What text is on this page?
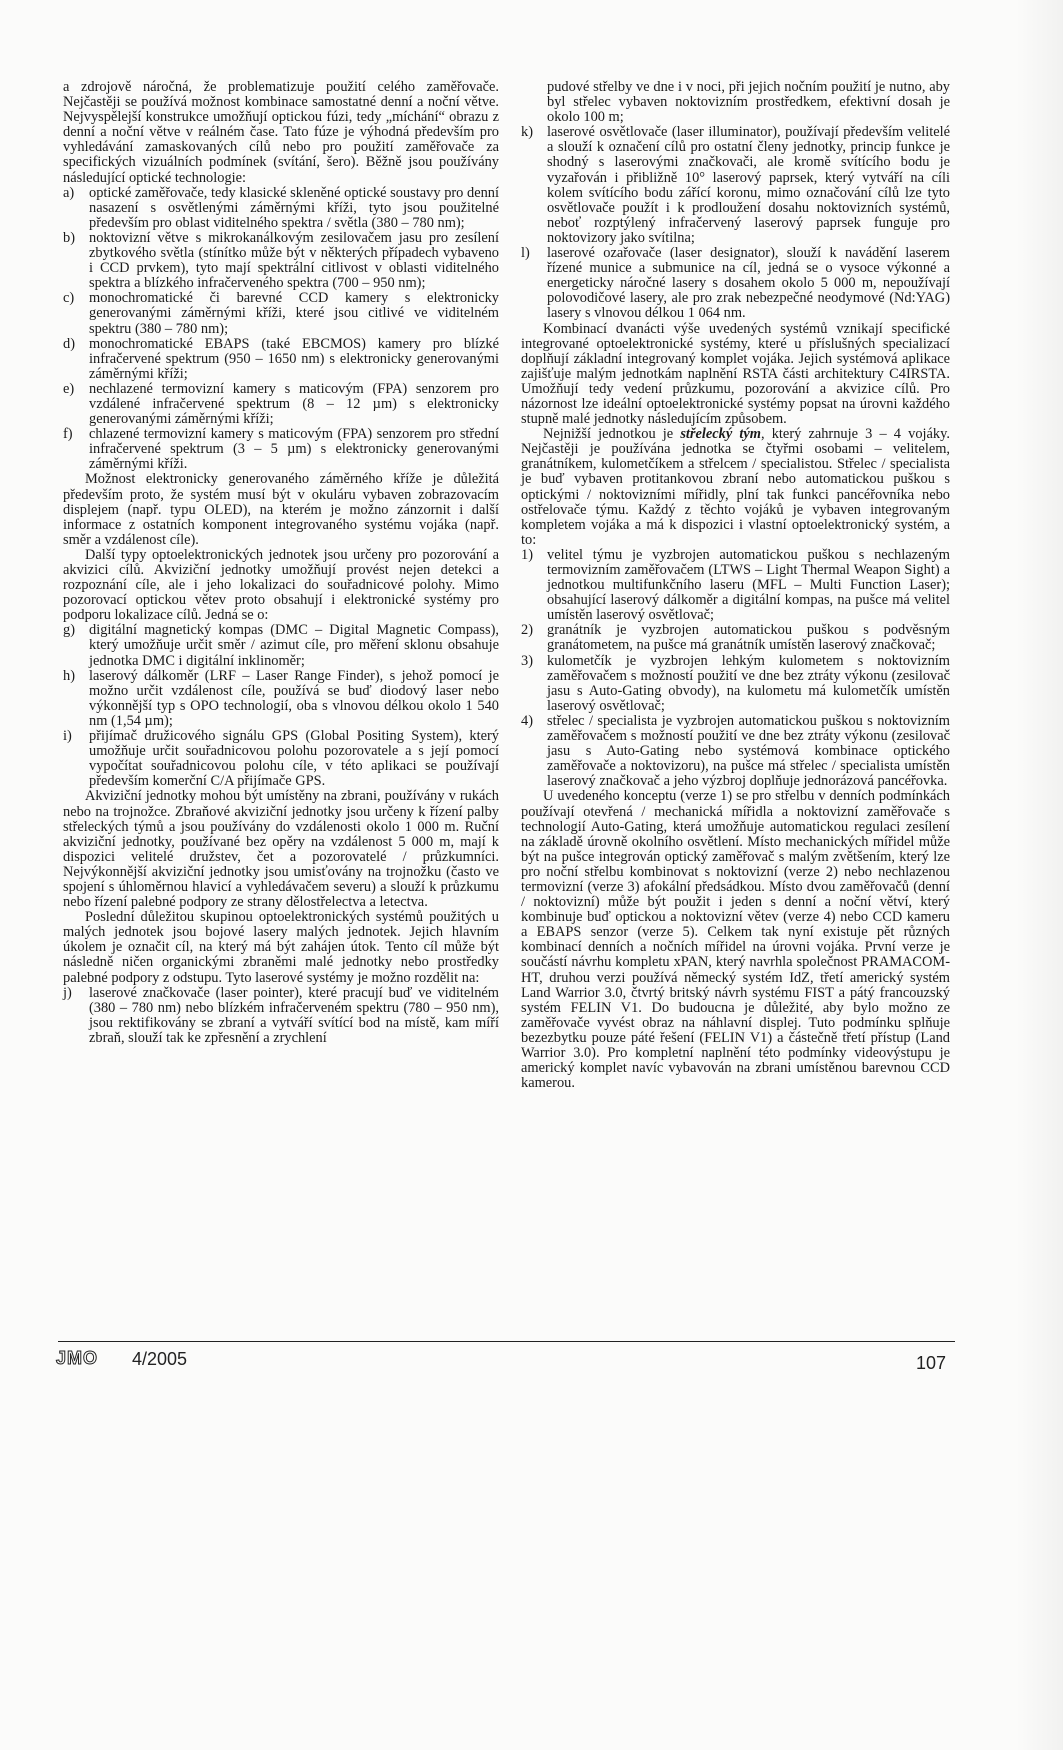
a zdrojově náročná, že problematizuje použití celého zaměřovače. Nejčastěji se používá možnost kombinace samostatné denní a noční větve. Nejvyspělejší konstrukce umožňují optickou fúzi, tedy „míchání“ obrazu z denní a noční větve v reálném čase. Tato fúze je výhodná především pro vyhledávání zamaskovaných cílů nebo pro použití zaměřovače za specifických vizuálních podmínek (svítání, šero). Běžně jsou používány následující optické technologie:

a)	optické zaměřovače, tedy klasické skleněné optické soustavy pro denní nasazení s osvětlenými záměrnými kříži, tyto jsou použitelné především pro oblast viditelného spektra / světla (380 – 780 nm);
b) noktovizní větve s mikrokanálkovým zesilovačem jasu pro zesílení zbytkového světla (stínítko může být v některých případech vybaveno i CCD prvkem), tyto mají spektrální citlivost v oblasti viditelného spektra a blízkého infračerveného spektra (700 – 950 nm);
c)	monochromatické či barevné CCD kamery s elektronicky generovanými záměrnými kříži, které jsou citlivé ve viditelném spektru (380 – 780 nm);
d) monochromatické EBAPS (také EBCMOS) kamery pro blízké infračervené spektrum (950 – 1650 nm) s elektronicky generovanými záměrnými kříži;
e)	nechlazené termovizní kamery s maticovým (FPA) senzorem pro vzdálené infračervené spektrum (8 – 12 µm) s elektronicky generovanými záměrnými kříži;
f)	chlazené termovizní kamery s maticovým (FPA) senzorem pro střední infračervené spektrum (3 – 5 µm) s elektronicky generovanými záměrnými kříži.

Možnost elektronicky generovaného záměrného kříže je důležitá především proto, že systém musí být v okuláru vybaven zobrazovacím displejem (např. typu OLED), na kterém je možno zánzornit i další informace z ostatních komponent integrovaného systému vojáka (např. směr a vzdálenost cíle).

Další typy optoelektronických jednotek jsou určeny pro pozorování a akvizici cílů. Akviziční jednotky umožňují provést nejen detekci a rozpoznání cíle, ale i jeho lokalizaci do souřadnicové polohy. Mimo pozorovací optickou větev proto obsahují i elektronické systémy pro podporu lokalizace cílů. Jedná se o:

g) digitální magnetický kompas (DMC – Digital Magnetic Compass), který umožňuje určit směr / azimut cíle, pro měření sklonu obsahuje jednotka DMC i digitální inklinoměr;
h) laserový dálkoměr (LRF – Laser Range Finder), s jehož pomocí je možno určit vzdálenost cíle, používá se buď diodový laser nebo výkonnější typ s OPO technologií, oba s vlnovou délkou okolo 1 540 nm (1,54 µm);
i)	přijímač družicového signálu GPS (Global Positing System), který umožňuje určit souřadnicovou polohu pozorovatele a s její pomocí vypočítat souřadnicovou polohu cíle, v této aplikaci se používají především komerční C/A přijímače GPS.

Akviziční jednotky mohou být umístěny na zbrani, používány v rukách nebo na trojnožce. Zbraňové akviziční jednotky jsou určeny k řízení palby střeleckých týmů a jsou používány do vzdálenosti okolo 1 000 m. Ruční akviziční jednotky, používané bez opěry na vzdálenost 5 000 m, mají k dispozici velitelé družstev, čet a pozorovatelé / průzkumníci. Nejvýkonnější akviziční jednotky jsou umisťovány na trojnožku (často ve spojení s úhloměrnou hlavicí a vyhledávačem severu) a slouží k průzkumu nebo řízení palebné podpory ze strany dělostřelectva a letectva.

Poslední důležitou skupinou optoelektronických systémů použitých u malých jednotek jsou bojové lasery malých jednotek. Jejich hlavním úkolem je označit cíl, na který má být zahájen útok. Tento cíl může být následně ničen organickými zbraněmi malé jednotky nebo prostředky palebné podpory z odstupu. Tyto laserové systémy je možno rozdělit na:

j)	laserové značkovače (laser pointer), které pracují buď ve viditelném (380 – 780 nm) nebo blízkém infračerveném spektru (780 – 950 nm), jsou rektifikovány se zbraní a vytváří svítící bod na místě, kam míří zbraň, slouží tak ke zpřesnění a zrychlení

pudové střelby ve dne i v noci, při jejich nočním použití je nutno, aby byl střelec vybaven noktovizním prostředkem, efektivní dosah je okolo 100 m;

k) laserové osvětlovače (laser illuminator), používají především velitelé a slouží k označení cílů pro ostatní členy jednotky, princip funkce je shodný s laserovými značkovači, ale kromě svítícího bodu je vyzařován i přibližně 10° laserový paprsek, který vytváří na cíli kolem svítícího bodu zářící koronu, mimo označování cílů lze tyto osvětlovače použít i k prodloužení dosahu noktovizních systémů, neboť rozptýlený infračervený laserový paprsek funguje pro noktovizory jako svítilna;
l)	laserové ozařovače (laser designator), slouží k navádění laserem řízené munice a submunice na cíl, jedná se o vysoce výkonné a energeticky náročné lasery s dosahem okolo 5 000 m, nepoužívají polovodičové lasery, ale pro zrak nebezpečné neodymové (Nd:YAG) lasery s vlnovou délkou 1 064 nm.

Kombinací dvanácti výše uvedených systémů vznikají specifické integrované optoelektronické systémy, které u příslušných specializací doplňují základní integrovaný komplet vojáka. Jejich systémová aplikace zajišťuje malým jednotkám naplnění RSTA části architektury C4IRSTA. Umožňují tedy vedení průzkumu, pozorování a akvizice cílů. Pro názornost lze ideální optoelektronické systémy popsat na úrovni každého stupně malé jednotky následujícím způsobem.

Nejnižší jednotkou je střelecký tým, který zahrnuje 3 – 4 vojáky. Nejčastěji je používána jednotka se čtyřmi osobami – velitelem, granátníkem, kulometčíkem a střelcem / specialistou. Střelec / specialista je buď vybaven protitankovou zbraní nebo automatickou puškou s optickými / noktovizními mířidly, plní tak funkci pancéřovníka nebo ostřelovače týmu. Každý z těchto vojáků je vybaven integrovaným kompletem vojáka a má k dispozici i vlastní optoelektronický systém, a to:

1) velitel týmu je vyzbrojen automatickou puškou s nechlazeným termovizním zaměřovačem (LTWS – Light Thermal Weapon Sight) a jednotkou multifunkčního laseru (MFL – Multi Function Laser); obsahující laserový dálkoměr a digitální kompas, na pušce má velitel umístěn laserový osvětlovač;
2) granátník je vyzbrojen automatickou puškou s podvěsným granátometem, na pušce má granátník umístěn laserový značkovač;
3) kulometčík je vyzbrojen lehkým kulometem s noktovizním zaměřovačem s možností použití ve dne bez ztráty výkonu (zesilovač jasu s Auto-Gating obvody), na kulometu má kulometčík umístěn laserový osvětlovač;
4) střelec / specialista je vyzbrojen automatickou puškou s noktovizním zaměřovačem s možností použití ve dne bez ztráty výkonu (zesilovač jasu s Auto-Gating nebo systémová kombinace optického zaměřovače a noktovizoru), na pušce má střelec / specialista umístěn laserový značkovač a jeho výzbroj doplňuje jednorázová pancéřovka.

U uvedeného konceptu (verze 1) se pro střelbu v denních podmínkách používají otevřená / mechanická mířidla a noktovizní zaměřovače s technologií Auto-Gating, která umožňuje automatickou regulaci zesílení na základě úrovně okolního osvětlení. Místo mechanických mířidel může být na pušce integrován optický zaměřovač s malým zvětšením, který lze pro noční střelbu kombinovat s noktovizní (verze 2) nebo nechlazenou termovizní (verze 3) afokální předsádkou. Místo dvou zaměřovačů (denní / noktovizní) může být použit i jeden s denní a noční větví, který kombinuje buď optickou a noktovizní větev (verze 4) nebo CCD kameru a EBAPS senzor (verze 5). Celkem tak nyní existuje pět různých kombinací denních a nočních mířidel na úrovni vojáka. První verze je součástí návrhu kompletu xPAN, který navrhla společnost PRAMACOM-HT, druhou verzi používá německý systém IdZ, třetí americký systém Land Warrior 3.0, čtvrtý britský návrh systému FIST a pátý francouzský systém FELIN V1. Do budoucna je důležité, aby bylo možno ze zaměřovače vyvést obraz na náhlavní displej. Tuto podmínku splňuje bezezbytku pouze páté řešení (FELIN V1) a částečně třetí přístup (Land Warrior 3.0). Pro kompletní naplnění této podmínky videovýstupu je americký komplet navíc vybavován na zbrani umístěnou barevnou CCD kamerou.

JMO 4/2005	107
